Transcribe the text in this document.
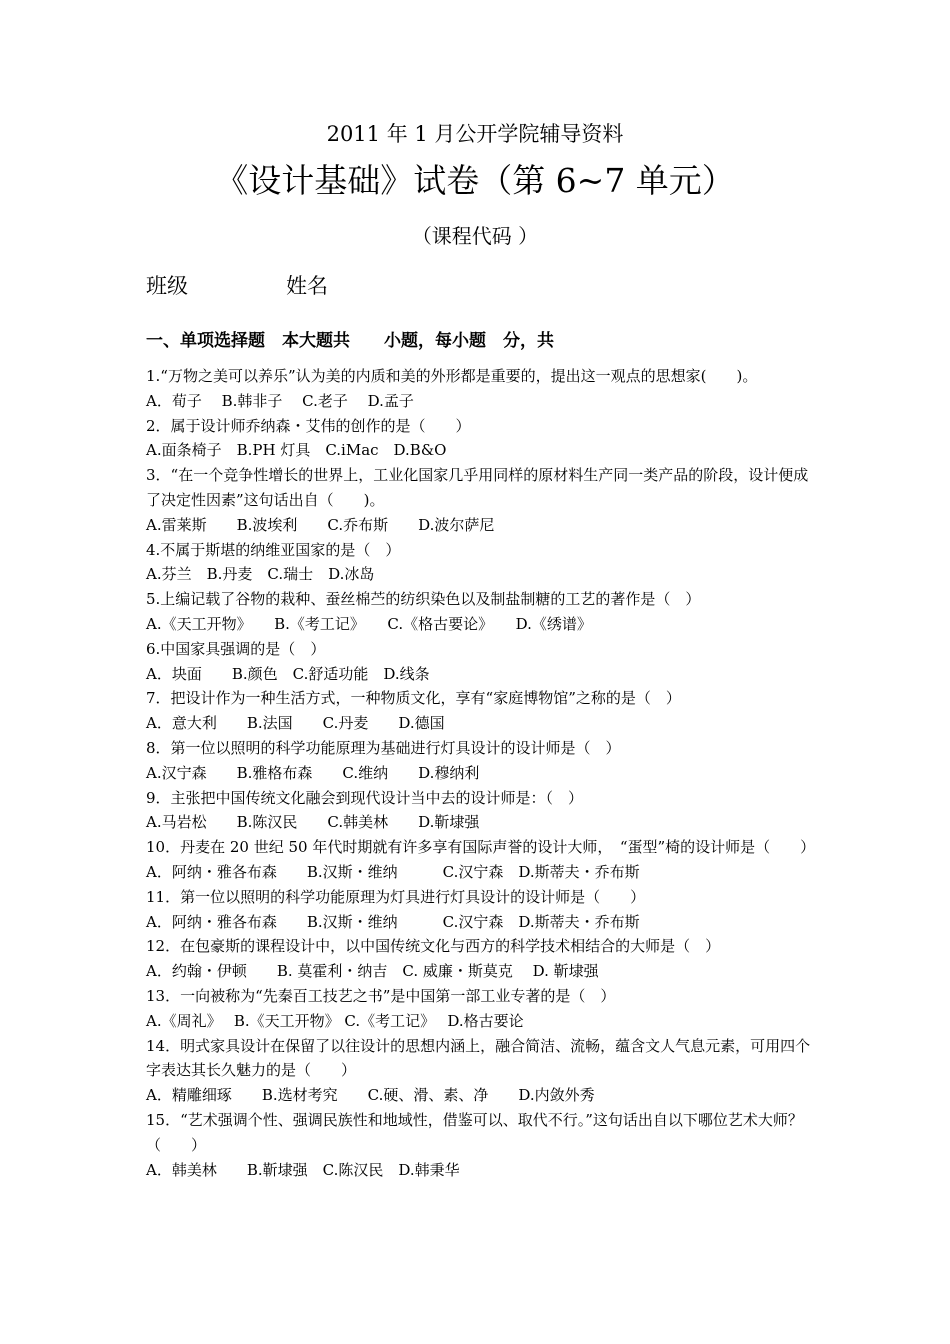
2011 年 1 月公开学院辅导资料
《设计基础》试卷（第 6~7 单元）
（课程代码 ）
班级	姓名
一、单项选择题　本大题共　　小题，每小题　分，共
1.“万物之美可以养乐”认为美的内质和美的外形都是重要的，提出这一观点的思想家(　　)。
A．荀子　 B.韩非子　 C.老子　 D.孟子
2．属于设计师乔纳森・艾伟的创作的是（　　）
A.面条椅子　B.PH 灯具　C.iMac　D.B&O
3．“在一个竞争性增长的世界上，工业化国家几乎用同样的原材料生产同一类产品的阶段，设计便成了决定性因素”这句话出自（　　)。
A.雷莱斯　　B.波埃利　　C.乔布斯　　D.波尔萨尼
4.不属于斯堪的纳维亚国家的是（　）
A.芬兰　B.丹麦　C.瑞士　D.冰岛
5.上编记载了谷物的栽种、蚕丝棉苎的纺织染色以及制盐制糖的工艺的著作是（　）
A.《天工开物》　　B.《考工记》　　C.《格古要论》　　D.《绣谱》
6.中国家具强调的是（　）
A．块面　　B.颜色　C.舒适功能　D.线条
7．把设计作为一种生活方式，一种物质文化，享有“家庭博物馆”之称的是（　）
A．意大利　　B.法国　　C.丹麦　　D.德国
8．第一位以照明的科学功能原理为基础进行灯具设计的设计师是（　）
A.汉宁森　　B.雅格布森　　C.维纳　　D.穆纳利
9．主张把中国传统文化融会到现代设计当中去的设计师是：（　）
A.马岩松　　B.陈汉民　　C.韩美林　　D.靳埭强
10．丹麦在 20 世纪 50 年代时期就有许多享有国际声誉的设计大师，　“蛋型”椅的设计师是（　　）
A．阿纳・雅各布森　　B.汉斯・维纳　　　C.汉宁森　D.斯蒂夫・乔布斯
11．第一位以照明的科学功能原理为灯具进行灯具设计的设计师是（　　）
A．阿纳・雅各布森　　B.汉斯・维纳　　　C.汉宁森　D.斯蒂夫・乔布斯
12．在包豪斯的课程设计中，以中国传统文化与西方的科学技术相结合的大师是（　）
A．约翰・伊顿　　B. 莫霍利・纳吉　C. 威廉・斯莫克　 D. 靳埭强
13．一向被称为“先秦百工技艺之书”是中国第一部工业专著的是（　）
A.《周礼》　 B.《天工开物》 C.《考工记》　 D.格古要论
14．明式家具设计在保留了以往设计的思想内涵上，融合简洁、流畅，蕴含文人气息元素，可用四个字表达其长久魅力的是（　　）
A．精雕细琢　　B.选材考究　　C.硬、滑、素、净　　D.内敛外秀
15．“艺术强调个性、强调民族性和地域性，借鉴可以、取代不行。”这句话出自以下哪位艺术大师？（　　）
A．韩美林　　B.靳埭强　C.陈汉民　D.韩秉华
